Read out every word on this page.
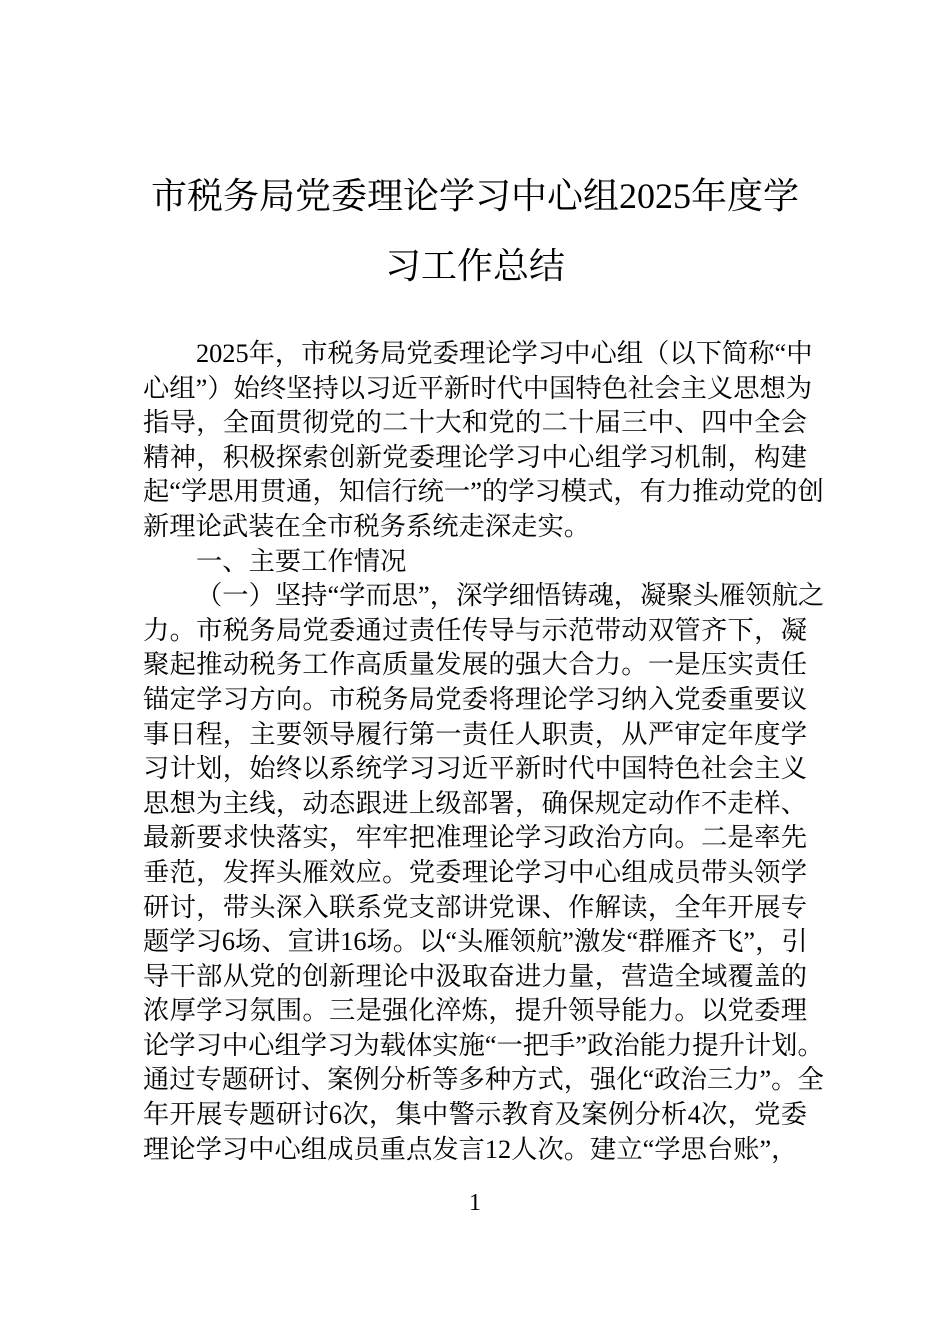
市税务局党委理论学习中心组2025年度学
习工作总结
2025年，市税务局党委理论学习中心组（以下简称“中
心组”）始终坚持以习近平新时代中国特色社会主义思想为
指导，全面贯彻党的二十大和党的二十届三中、四中全会
精神，积极探索创新党委理论学习中心组学习机制，构建
起“学思用贯通，知信行统一”的学习模式，有力推动党的创
新理论武装在全市税务系统走深走实。
一、主要工作情况
（一）坚持“学而思”，深学细悟铸魂，凝聚头雁领航之
力。市税务局党委通过责任传导与示范带动双管齐下，凝
聚起推动税务工作高质量发展的强大合力。一是压实责任
锚定学习方向。市税务局党委将理论学习纳入党委重要议
事日程，主要领导履行第一责任人职责，从严审定年度学
习计划，始终以系统学习习近平新时代中国特色社会主义
思想为主线，动态跟进上级部署，确保规定动作不走样、
最新要求快落实，牢牢把准理论学习政治方向。二是率先
垂范，发挥头雁效应。党委理论学习中心组成员带头领学
研讨，带头深入联系党支部讲党课、作解读，全年开展专
题学习6场、宣讲16场。以“头雁领航”激发“群雁齐飞”，引
导干部从党的创新理论中汲取奋进力量，营造全域覆盖的
浓厚学习氛围。三是强化淬炼，提升领导能力。以党委理
论学习中心组学习为载体实施“一把手”政治能力提升计划。
通过专题研讨、案例分析等多种方式，强化“政治三力”。全
年开展专题研讨6次，集中警示教育及案例分析4次，党委
理论学习中心组成员重点发言12人次。建立“学思台账”，
1
